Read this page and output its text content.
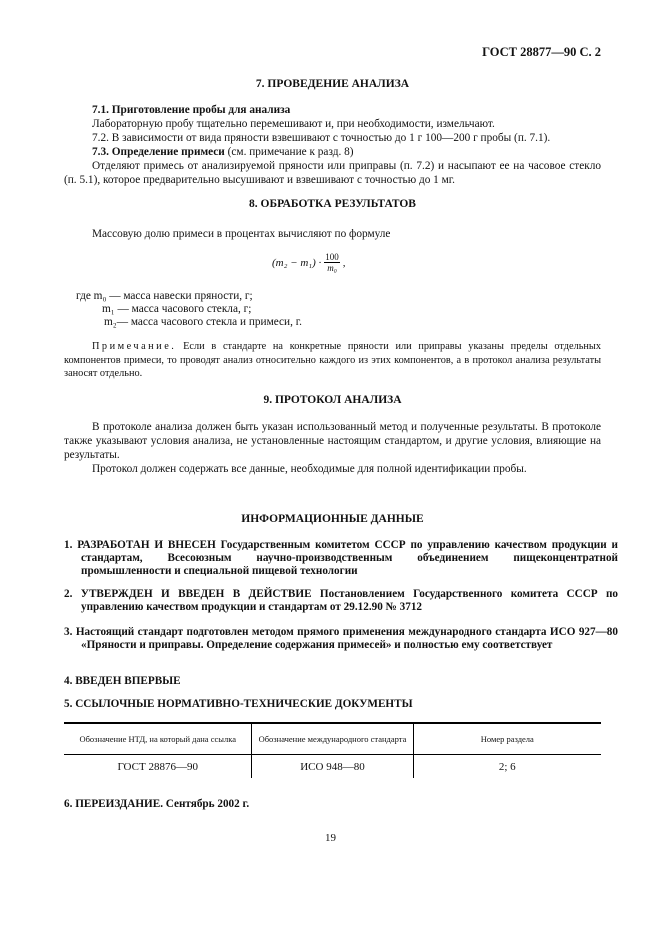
ГОСТ 28877—90 С. 2
7. ПРОВЕДЕНИЕ АНАЛИЗА

7.1. Приготовление пробы для анализа

Лабораторную пробу тщательно перемешивают и, при необходимости, измельчают.

7.2. В зависимости от вида пряности взвешивают с точностью до 1 г 100—200 г пробы (п. 7.1).

7.3. Определение примеси (см. примечание к разд. 8)

Отделяют примесь от анализируемой пряности или приправы (п. 7.2) и насыпают ее на часовое стекло (п. 5.1), которое предварительно высушивают и взвешивают с точностью до 1 мг.

8. ОБРАБОТКА РЕЗУЛЬТАТОВ

Массовую долю примеси в процентах вычисляют по формуле

$(m_2 - m_1) \cdot \frac{100}{\text{m₀}}$ ,
где m₀ — масса навески пряности, г;
m₁ — масса часового стекла, г;
m₂— масса часового стекла и примеси, г.

Примечание. Если в стандарте на конкретные пряности или приправы указаны пределы отдельных компонентов примеси, то проводят анализ относительно каждого из этих компонентов, а в протокол анализа результаты заносят отдельно.

9. ПРОТОКОЛ АНАЛИЗА

В протоколе анализа должен быть указан использованный метод и полученные результаты. В протоколе также указывают условия анализа, не установленные настоящим стандартом, и другие условия, влияющие на результаты.

Протокол должен содержать все данные, необходимые для полной идентификации пробы.

ИНФОРМАЦИОННЫЕ ДАННЫЕ
1. РАЗРАБОТАН И ВНЕСЕН Государственным комитетом СССР по управлению качеством продукции и стандартам, Всесоюзным научно-производственным объединением пищеконцентратной промышленности и специальной пищевой технологии
2. УТВЕРЖДЕН И ВВЕДЕН В ДЕЙСТВИЕ Постановлением Государственного комитета СССР по управлению качеством продукции и стандартам от 29.12.90 № 3712
3. Настоящий стандарт подготовлен методом прямого применения международного стандарта ИСО 927—80 «Пряности и приправы. Определение содержания примесей» и полностью ему соответствует
4. ВВЕДЕН ВПЕРВЫЕ
5. ССЫЛОЧНЫЕ НОРМАТИВНО-ТЕХНИЧЕСКИЕ ДОКУМЕНТЫ
Обозначение НТД, на который дана ссылка	Обозначение международного стандарта	Номер раздела
ГОСТ 28876—90	ИСО 948—80	2; 6
6. ПЕРЕИЗДАНИЕ. Сентябрь 2002 г.
19
